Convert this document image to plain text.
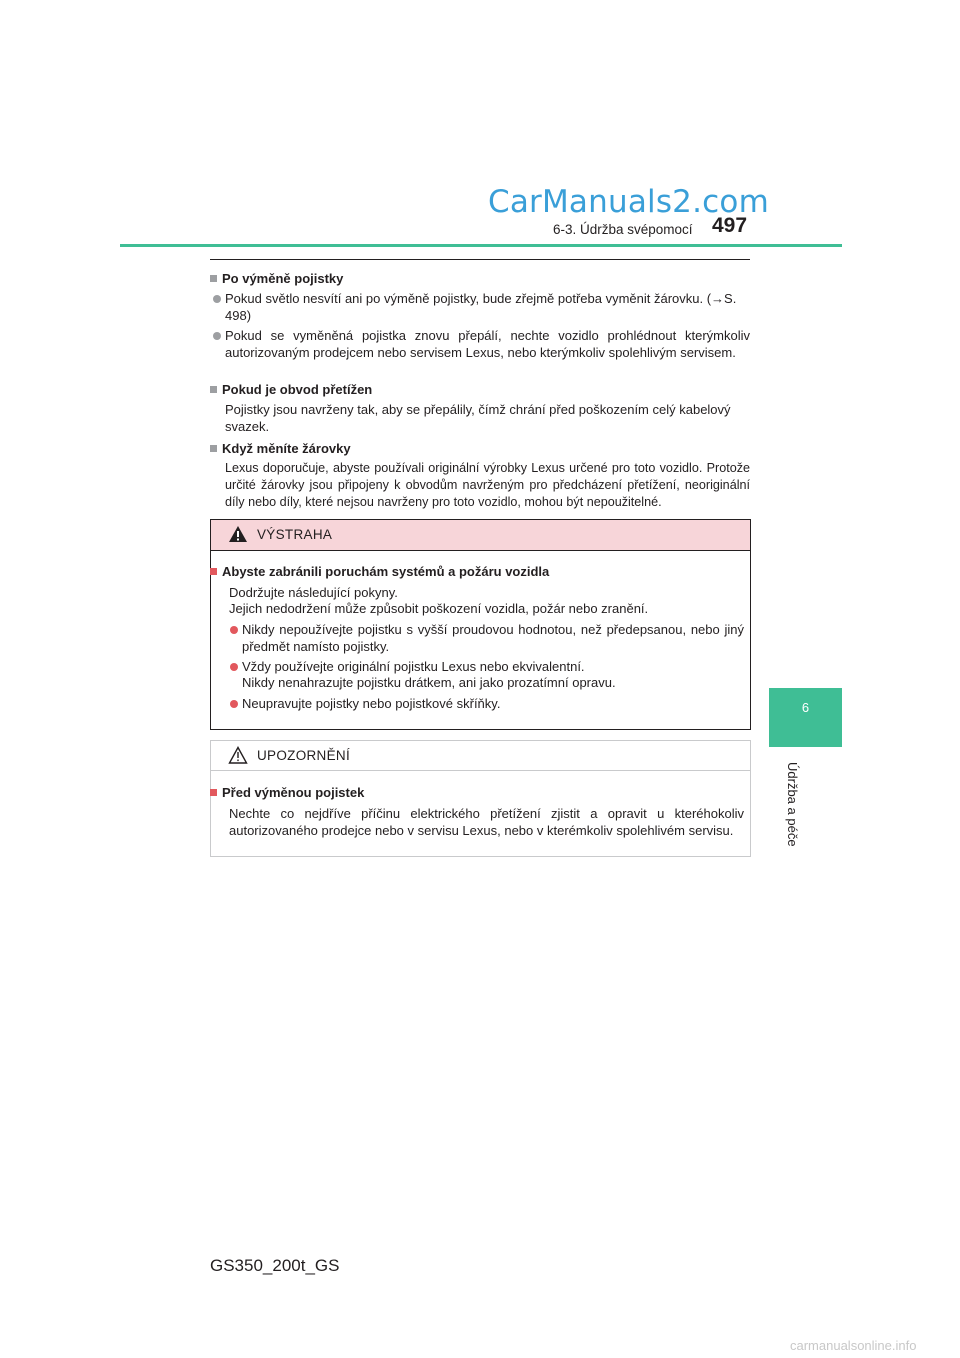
CarManuals2.com
6-3. Údržba svépomocí 497
6
Údržba a péče
Po výměně pojistky
Pokud světlo nesvítí ani po výměně pojistky, bude zřejmě potřeba vyměnit žárovku. (→S. 498)
Pokud se vyměněná pojistka znovu přepálí, nechte vozidlo prohlédnout kterýmkoliv autorizovaným prodejcem nebo servisem Lexus, nebo kterýmkoliv spolehlivým servisem.
Pokud je obvod přetížen
Pojistky jsou navrženy tak, aby se přepálily, čímž chrání před poškozením celý kabelový svazek.
Když měníte žárovky
Lexus doporučuje, abyste používali originální výrobky Lexus určené pro toto vozidlo. Protože určité žárovky jsou připojeny k obvodům navrženým pro předcházení přetížení, neoriginální díly nebo díly, které nejsou navrženy pro toto vozidlo, mohou být nepoužitelné.
VÝSTRAHA
Abyste zabránili poruchám systémů a požáru vozidla
Dodržujte následující pokyny.
Jejich nedodržení může způsobit poškození vozidla, požár nebo zranění.
Nikdy nepoužívejte pojistku s vyšší proudovou hodnotou, než předepsanou, nebo jiný předmět namísto pojistky.
Vždy používejte originální pojistku Lexus nebo ekvivalentní.
Nikdy nenahrazujte pojistku drátkem, ani jako prozatímní opravu.
Neupravujte pojistky nebo pojistkové skříňky.
UPOZORNĚNÍ
Před výměnou pojistek
Nechte co nejdříve příčinu elektrického přetížení zjistit a opravit u kteréhokoliv autorizovaného prodejce nebo v servisu Lexus, nebo v kterémkoliv spolehlivém servisu.
GS350_200t_GS
carmanualsonline.info
